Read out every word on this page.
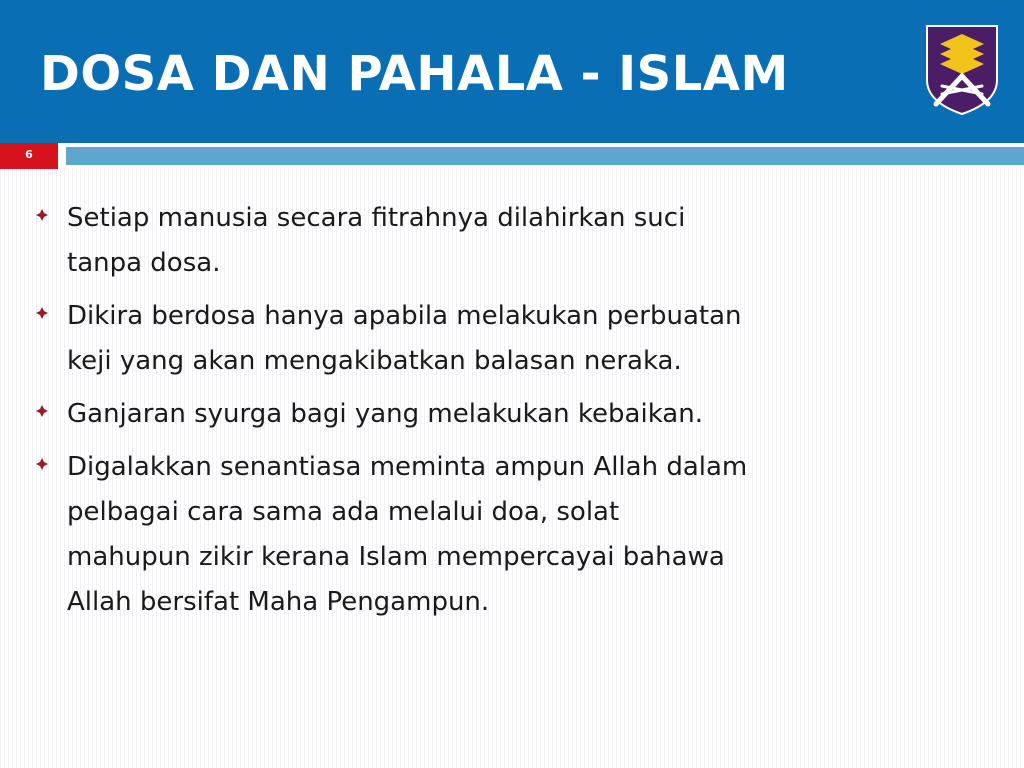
DOSA DAN PAHALA - ISLAM
6
Setiap manusia secara fitrahnya dilahirkan suci
tanpa dosa.
Dikira berdosa hanya apabila melakukan perbuatan
keji yang akan mengakibatkan balasan neraka.
Ganjaran syurga bagi yang melakukan kebaikan.
Digalakkan senantiasa meminta ampun Allah dalam
pelbagai cara sama ada melalui doa, solat
mahupun zikir kerana Islam mempercayai bahawa
Allah bersifat Maha Pengampun.
